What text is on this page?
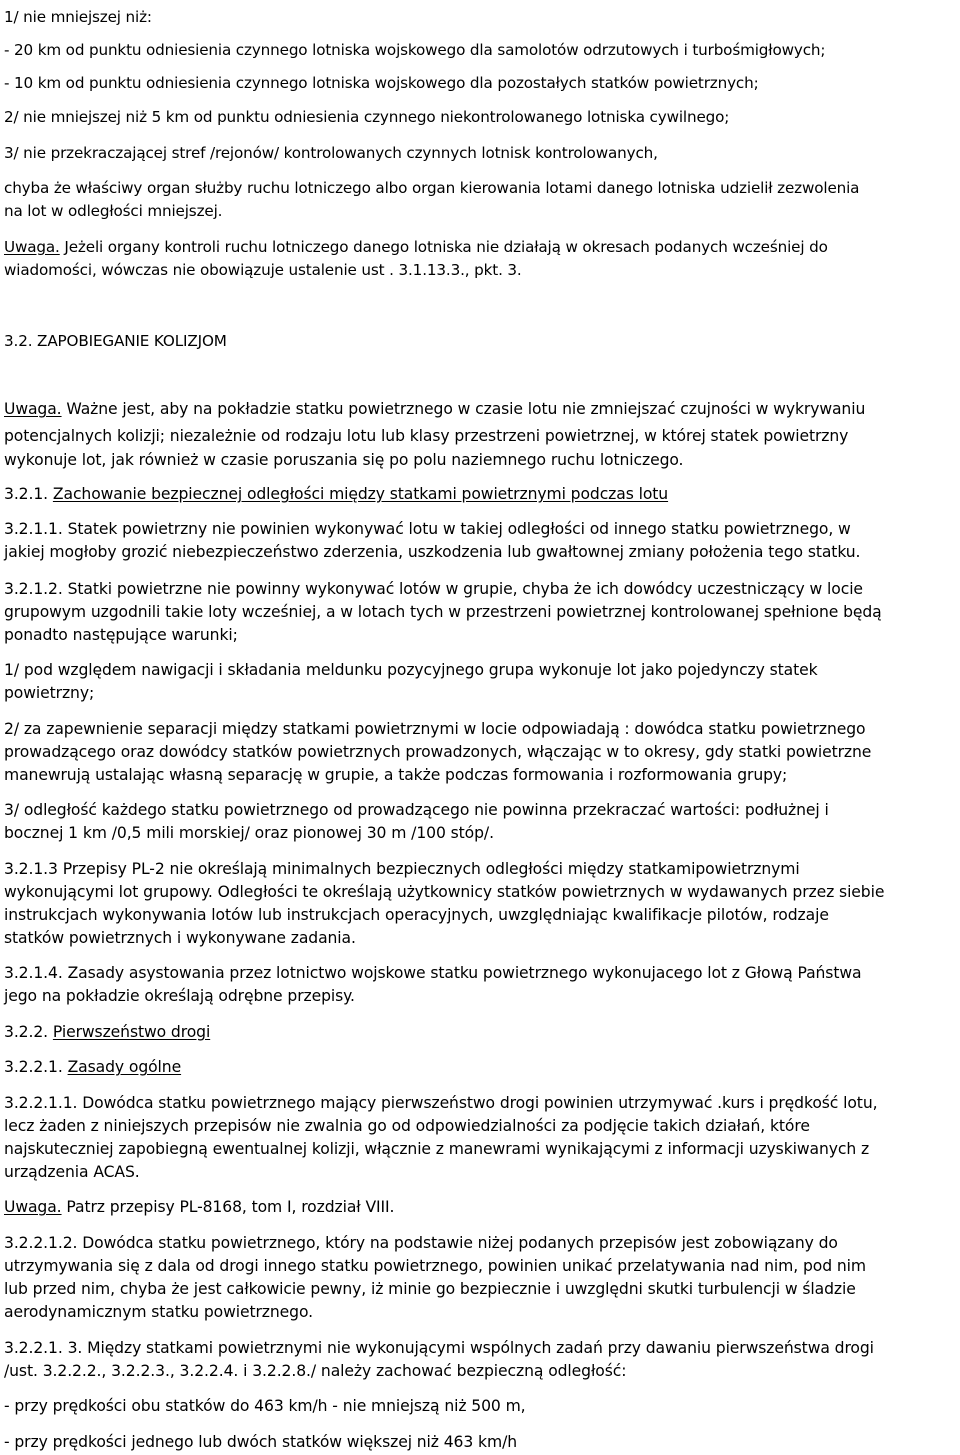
1/ nie mniejszej niż:

- 20 km od punktu odniesienia czynnego lotniska wojskowego dla samolotów odrzutowych i turbośmigłowych;

- 10 km od punktu odniesienia czynnego lotniska wojskowego dla pozostałych statków powietrznych;

2/ nie mniejszej niż 5 km od punktu odniesienia czynnego niekontrolowanego lotniska cywilnego;

3/ nie przekraczającej stref /rejonów/ kontrolowanych czynnych lotnisk kontrolowanych,

chyba że właściwy organ służby ruchu lotniczego albo organ kierowania lotami danego lotniska udzielił zezwolenia

na lot w odległości mniejszej.

Uwaga. Jeżeli organy kontroli ruchu lotniczego danego lotniska nie działają w okresach podanych wcześniej do

wiadomości, wówczas nie obowiązuje ustalenie ust . 3.1.13.3., pkt. 3.

3.2. ZAPOBIEGANIE KOLIZJOM

Uwaga. Ważne jest, aby na pokładzie statku powietrznego w czasie lotu nie zmniejszać czujności w wykrywaniu

potencjalnych kolizji; niezależnie od rodzaju lotu lub klasy przestrzeni powietrznej, w której statek powietrzny

wykonuje lot, jak również w czasie poruszania się po polu naziemnego ruchu lotniczego.

3.2.1. Zachowanie bezpiecznej odległości między statkami powietrznymi podczas lotu

3.2.1.1. Statek powietrzny nie powinien wykonywać lotu w takiej odległości od innego statku powietrznego, w

jakiej mogłoby grozić niebezpieczeństwo zderzenia, uszkodzenia lub gwałtownej zmiany położenia tego statku.

3.2.1.2. Statki powietrzne nie powinny wykonywać lotów w grupie, chyba że ich dowódcy uczestniczący w locie

grupowym uzgodnili takie loty wcześniej, a w lotach tych w przestrzeni powietrznej kontrolowanej spełnione będą

ponadto następujące warunki;

1/ pod względem nawigacji i składania meldunku pozycyjnego grupa wykonuje lot jako pojedynczy statek

powietrzny;

2/ za zapewnienie separacji między statkami powietrznymi w locie odpowiadają : dowódca statku powietrznego

prowadzącego oraz dowódcy statków powietrznych prowadzonych, włączając w to okresy, gdy statki powietrzne

manewrują ustalając własną separację w grupie, a także podczas formowania i rozformowania grupy;

3/ odległość każdego statku powietrznego od prowadzącego nie powinna przekraczać wartości: podłużnej i

bocznej 1 km /0,5 mili morskiej/ oraz pionowej 30 m /100 stóp/.

3.2.1.3 Przepisy PL-2 nie określają minimalnych bezpiecznych odległości między statkamipowietrznymi

wykonującymi lot grupowy. Odległości te określają użytkownicy statków powietrznych w wydawanych przez siebie

instrukcjach wykonywania lotów lub instrukcjach operacyjnych, uwzględniając kwalifikacje pilotów, rodzaje

statków powietrznych i wykonywane zadania.

3.2.1.4. Zasady asystowania przez lotnictwo wojskowe statku powietrznego wykonujacego lot z Głową Państwa

jego na pokładzie określają odrębne przepisy.

3.2.2. Pierwszeństwo drogi

3.2.2.1. Zasady ogólne

3.2.2.1.1. Dowódca statku powietrznego mający pierwszeństwo drogi powinien utrzymywać .kurs i prędkość lotu,

lecz żaden z niniejszych przepisów nie zwalnia go od odpowiedzialności za podjęcie takich działań, które

najskuteczniej zapobiegną ewentualnej kolizji, włącznie z manewrami wynikającymi z informacji uzyskiwanych z

urządzenia ACAS.

Uwaga. Patrz przepisy PL-8168, tom I, rozdział VIII.

3.2.2.1.2. Dowódca statku powietrznego, który na podstawie niżej podanych przepisów jest zobowiązany do

utrzymywania się z dala od drogi innego statku powietrznego, powinien unikać przelatywania nad nim, pod nim

lub przed nim, chyba że jest całkowicie pewny, iż minie go bezpiecznie i uwzględni skutki turbulencji w śladzie

aerodynamicznym statku powietrznego.

3.2.2.1. 3. Między statkami powietrznymi nie wykonującymi wspólnych zadań przy dawaniu pierwszeństwa drogi

/ust. 3.2.2.2., 3.2.2.3., 3.2.2.4. i 3.2.2.8./ należy zachować bezpieczną odległość:

- przy prędkości obu statków do 463 km/h - nie mniejszą niż 500 m,

- przy prędkości jednego lub dwóch statków większej niż 463 km/h
